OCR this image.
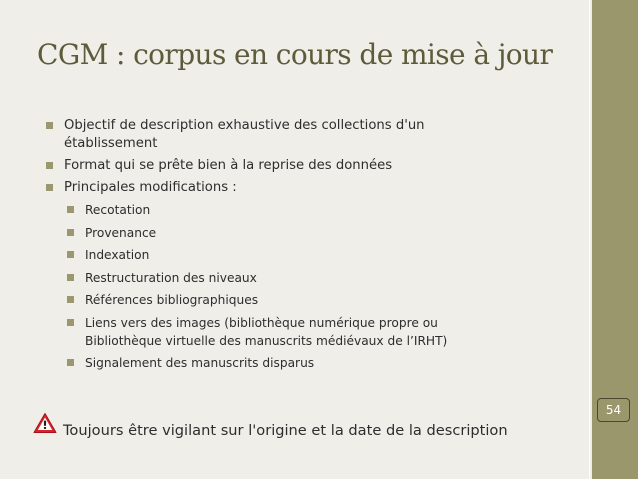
CGM : corpus en cours de mise à jour
Objectif de description exhaustive des collections d'un
établissement
Format qui se prête bien à la reprise des données
Principales modifications :
Recotation
Provenance
Indexation
Restructuration des niveaux
Références bibliographiques
Liens vers des images (bibliothèque numérique propre ou
Bibliothèque virtuelle des manuscrits médiévaux de l’IRHT)
Signalement des manuscrits disparus
Toujours être vigilant sur l'origine et la date de la description
54
